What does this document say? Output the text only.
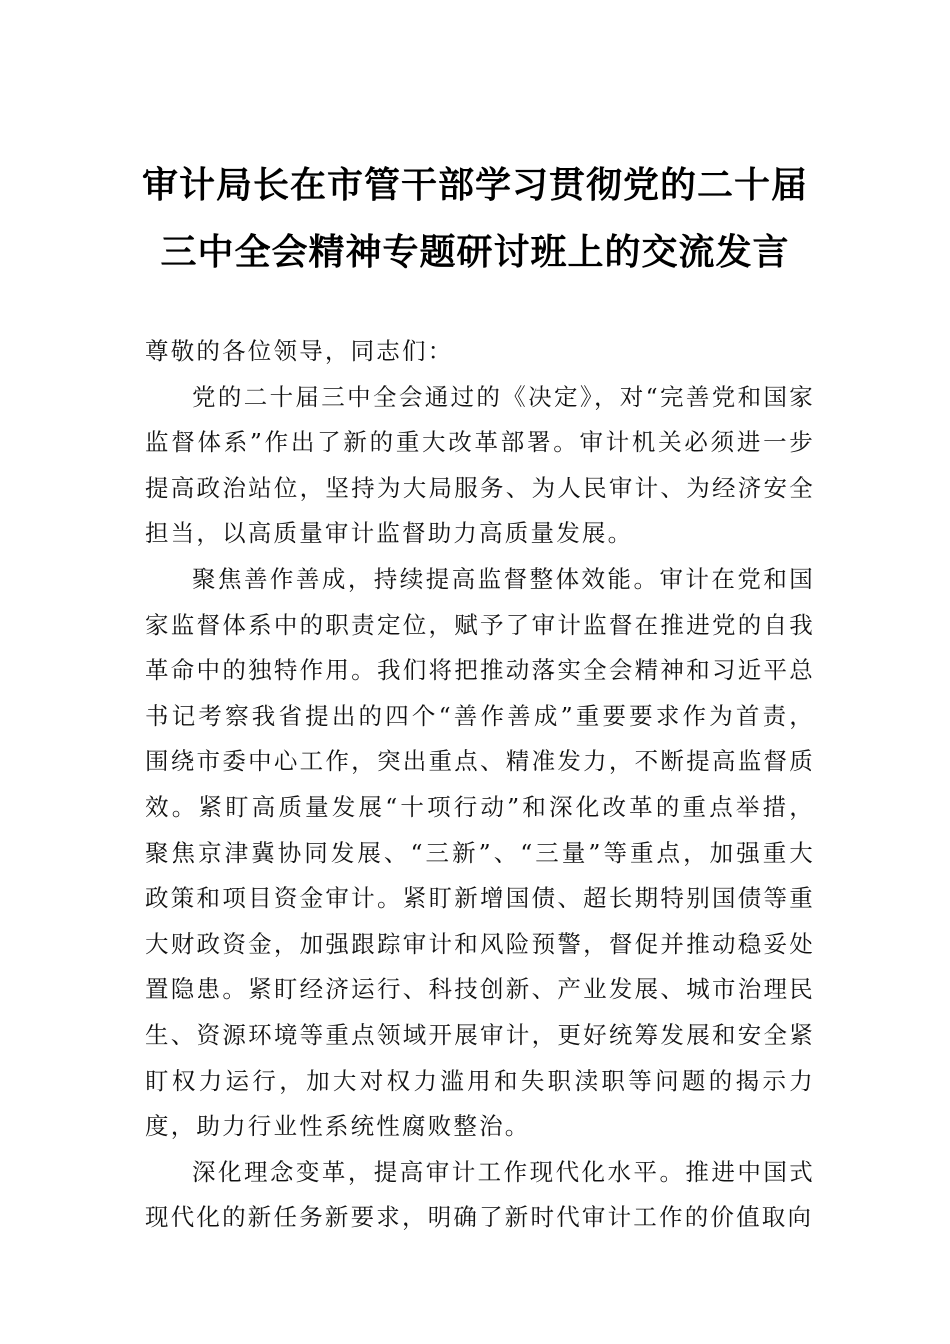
审计局长在市管干部学习贯彻党的二十届
三中全会精神专题研讨班上的交流发言

尊敬的各位领导，同志们：

党的二十届三中全会通过的《决定》，对“完善党和国家监督体系”作出了新的重大改革部署。审计机关必须进一步提高政治站位，坚持为大局服务、为人民审计、为经济安全担当，以高质量审计监督助力高质量发展。

聚焦善作善成，持续提高监督整体效能。审计在党和国家监督体系中的职责定位，赋予了审计监督在推进党的自我革命中的独特作用。我们将把推动落实全会精神和习近平总书记考察我省提出的四个“善作善成”重要要求作为首责，围绕市委中心工作，突出重点、精准发力，不断提高监督质效。紧盯高质量发展“十项行动”和深化改革的重点举措，聚焦京津冀协同发展、“三新”、“三量”等重点，加强重大政策和项目资金审计。紧盯新增国债、超长期特别国债等重大财政资金，加强跟踪审计和风险预警，督促并推动稳妥处置隐患。紧盯经济运行、科技创新、产业发展、城市治理民生、资源环境等重点领域开展审计，更好统筹发展和安全紧盯权力运行，加大对权力滥用和失职渎职等问题的揭示力度，助力行业性系统性腐败整治。

深化理念变革，提高审计工作现代化水平。推进中国式现代化的新任务新要求，明确了新时代审计工作的价值取向
